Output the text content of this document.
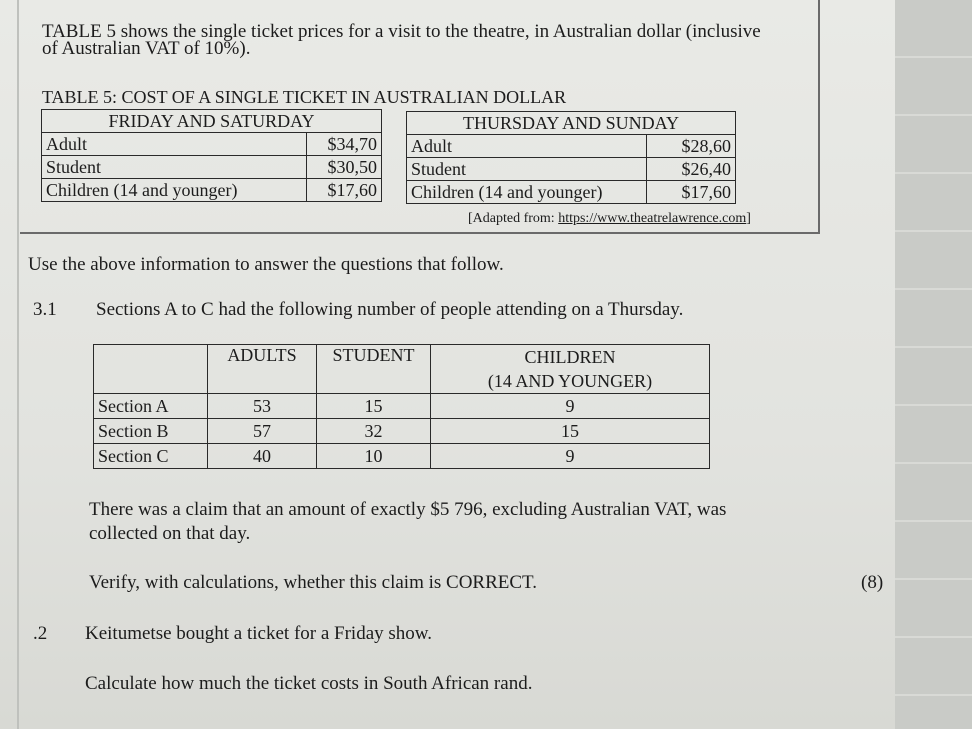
TABLE 5 shows the single ticket prices for a visit to the theatre, in Australian dollar (inclusive
of Australian VAT of 10%).
TABLE 5: COST OF A SINGLE TICKET IN AUSTRALIAN DOLLAR
FRIDAY AND SATURDAY	
Adult	$34,70
Student	$30,50
Children (14 and younger)	$17,60
THURSDAY AND SUNDAY	
Adult	$28,60
Student	$26,40
Children (14 and younger)	$17,60
[Adapted from: https://www.theatrelawrence.com]
Use the above information to answer the questions that follow.
3.1 Sections A to C had the following number of people attending on a Thursday.
	ADULTS	STUDENT	CHILDREN
(14 AND YOUNGER)

Section A	53	15	9
Section B	57	32	15
Section C	40	10	9
There was a claim that an amount of exactly $5 796, excluding Australian VAT, was
collected on that day.
Verify, with calculations, whether this claim is CORRECT.	(8)
.2 Keitumetse bought a ticket for a Friday show.
Calculate how much the ticket costs in South African rand.
